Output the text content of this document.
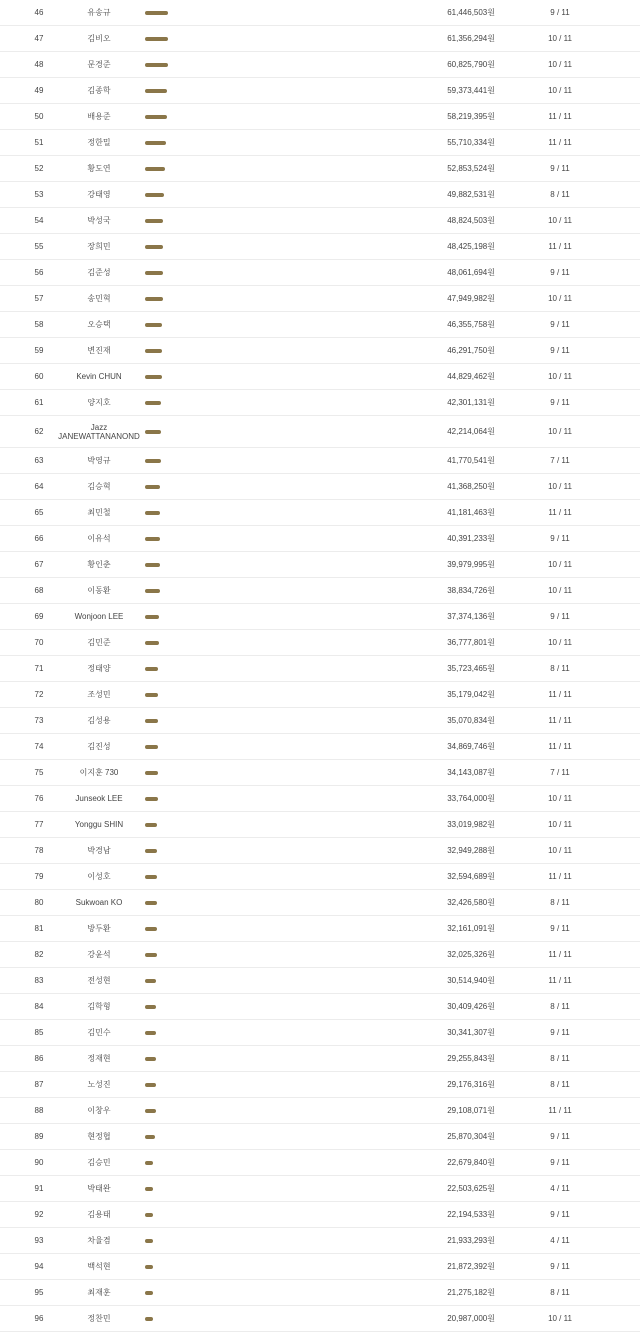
46	유송규	61,446,503원	9 / 11
47	김비오	61,356,294원	10 / 11
48	문경준	60,825,790원	10 / 11
49	김종학	59,373,441원	10 / 11
50	배용준	58,219,395원	11 / 11
51	정한밀	55,710,334원	11 / 11
52	황도연	52,853,524원	9 / 11
53	강태영	49,882,531원	8 / 11
54	박성국	48,824,503원	10 / 11
55	장희민	48,425,198원	11 / 11
56	김준성	48,061,694원	9 / 11
57	송민혁	47,949,982원	10 / 11
58	오승택	46,355,758원	9 / 11
59	변진재	46,291,750원	9 / 11
60	Kevin CHUN	44,829,462원	10 / 11
61	양지호	42,301,131원	9 / 11
62	Jazz JANEWATTANANOND	42,214,064원	10 / 11
63	박영규	41,770,541원	7 / 11
64	김승혁	41,368,250원	10 / 11
65	최민철	41,181,463원	11 / 11
66	이유석	40,391,233원	9 / 11
67	황인춘	39,979,995원	10 / 11
68	이동환	38,834,726원	10 / 11
69	Wonjoon LEE	37,374,136원	9 / 11
70	김민준	36,777,801원	10 / 11
71	정태양	35,723,465원	8 / 11
72	조성민	35,179,042원	11 / 11
73	김성용	35,070,834원	11 / 11
74	김진성	34,869,746원	11 / 11
75	이지훈 730	34,143,087원	7 / 11
76	Junseok LEE	33,764,000원	10 / 11
77	Yonggu SHIN	33,019,982원	10 / 11
78	박경남	32,949,288원	10 / 11
79	이성호	32,594,689원	11 / 11
80	Sukwoan KO	32,426,580원	8 / 11
81	방두환	32,161,091원	9 / 11
82	강윤석	32,025,326원	11 / 11
83	전성현	30,514,940원	11 / 11
84	김학형	30,409,426원	8 / 11
85	김민수	30,341,307원	9 / 11
86	정재현	29,255,843원	8 / 11
87	노성진	29,176,316원	8 / 11
88	이창우	29,108,071원	11 / 11
89	현정협	25,870,304원	9 / 11
90	김승민	22,679,840원	9 / 11
91	박태완	22,503,625원	4 / 11
92	김용태	22,194,533원	9 / 11
93	차율겸	21,933,293원	4 / 11
94	백석현	21,872,392원	9 / 11
95	최재훈	21,275,182원	8 / 11
96	정찬민	20,987,000원	10 / 11
